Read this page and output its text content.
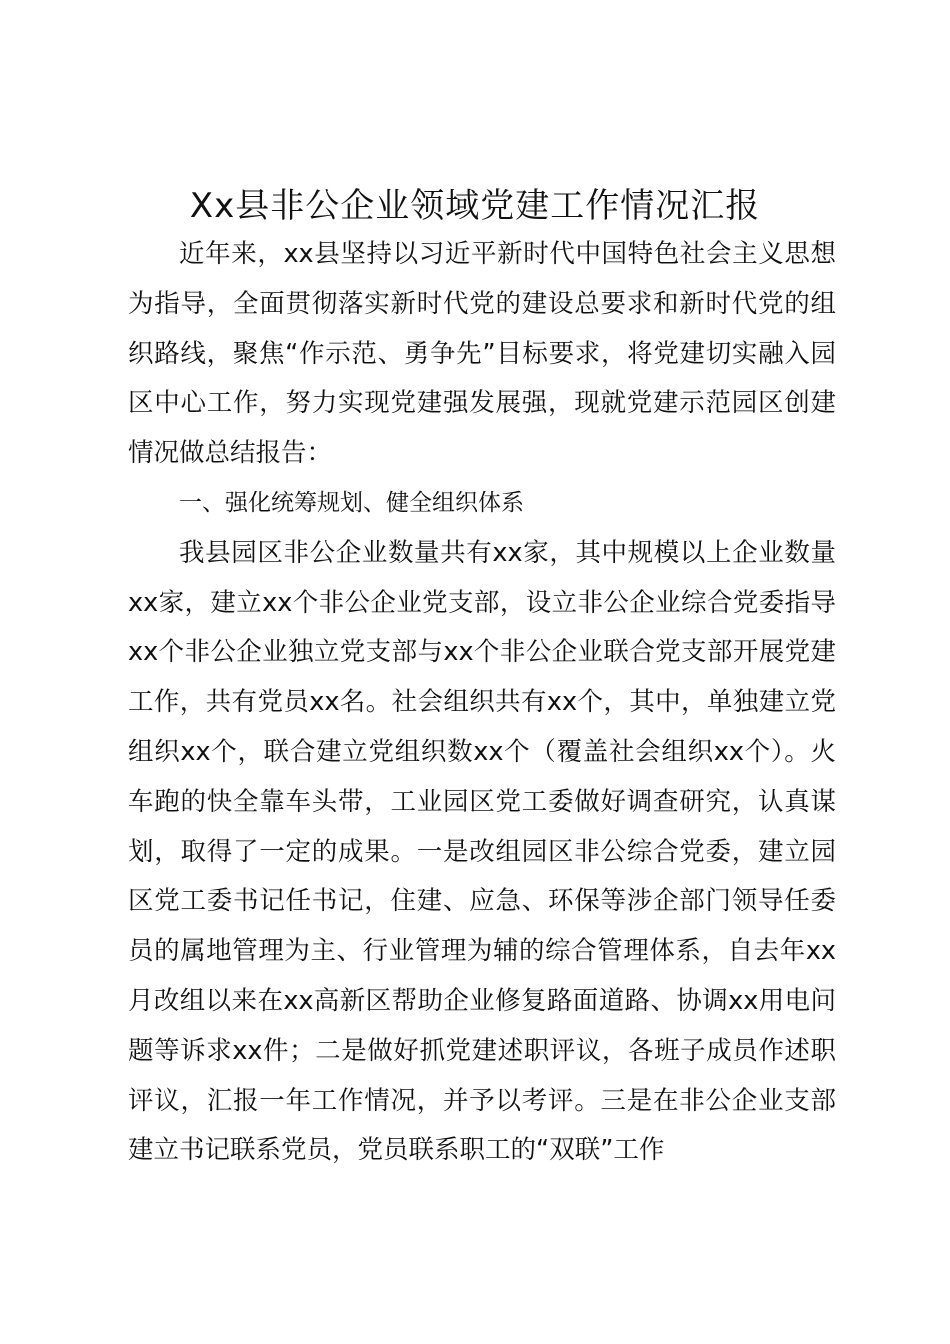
Xx县非公企业领域党建工作情况汇报

近年来，xx县坚持以习近平新时代中国特色社会主义思想为指导，全面贯彻落实新时代党的建设总要求和新时代党的组织路线，聚焦“作示范、勇争先”目标要求，将党建切实融入园区中心工作，努力实现党建强发展强，现就党建示范园区创建情况做总结报告：

一、强化统筹规划、健全组织体系

我县园区非公企业数量共有xx家，其中规模以上企业数量xx家，建立xx个非公企业党支部，设立非公企业综合党委指导xx个非公企业独立党支部与xx个非公企业联合党支部开展党建工作，共有党员xx名。社会组织共有xx个，其中，单独建立党组织xx个，联合建立党组织数xx个（覆盖社会组织xx个）。火车跑的快全靠车头带，工业园区党工委做好调查研究，认真谋划，取得了一定的成果。一是改组园区非公综合党委，建立园区党工委书记任书记，住建、应急、环保等涉企部门领导任委员的属地管理为主、行业管理为辅的综合管理体系，自去年xx月改组以来在xx高新区帮助企业修复路面道路、协调xx用电问题等诉求xx件；二是做好抓党建述职评议，各班子成员作述职评议，汇报一年工作情况，并予以考评。三是在非公企业支部建立书记联系党员，党员联系职工的“双联”工作
